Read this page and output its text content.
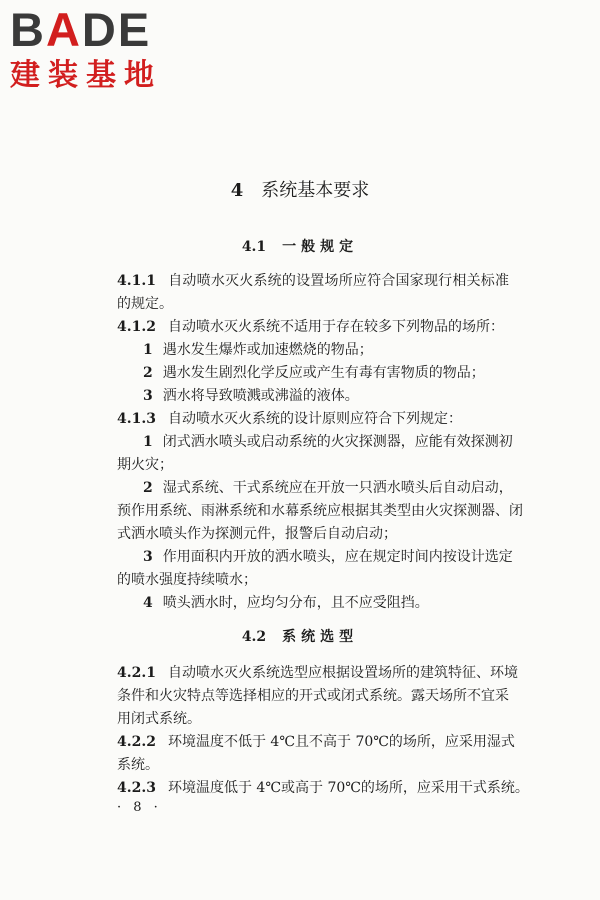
BADE
建装基地
4 系统基本要求
4.1 一般规定
4.1.1 自动喷水灭火系统的设置场所应符合国家现行相关标准
的规定。
4.1.2 自动喷水灭火系统不适用于存在较多下列物品的场所：
1 遇水发生爆炸或加速燃烧的物品；
2 遇水发生剧烈化学反应或产生有毒有害物质的物品；
3 洒水将导致喷溅或沸溢的液体。
4.1.3 自动喷水灭火系统的设计原则应符合下列规定：
1 闭式洒水喷头或启动系统的火灾探测器，应能有效探测初
期火灾；
2 湿式系统、干式系统应在开放一只洒水喷头后自动启动，
预作用系统、雨淋系统和水幕系统应根据其类型由火灾探测器、闭
式洒水喷头作为探测元件，报警后自动启动；
3 作用面积内开放的洒水喷头，应在规定时间内按设计选定
的喷水强度持续喷水；
4 喷头洒水时，应均匀分布，且不应受阻挡。
4.2 系统选型
4.2.1 自动喷水灭火系统选型应根据设置场所的建筑特征、环境
条件和火灾特点等选择相应的开式或闭式系统。露天场所不宜采
用闭式系统。
4.2.2 环境温度不低于 4℃且不高于 70℃的场所，应采用湿式
系统。
4.2.3 环境温度低于 4℃或高于 70℃的场所，应采用干式系统。
· 8 ·
